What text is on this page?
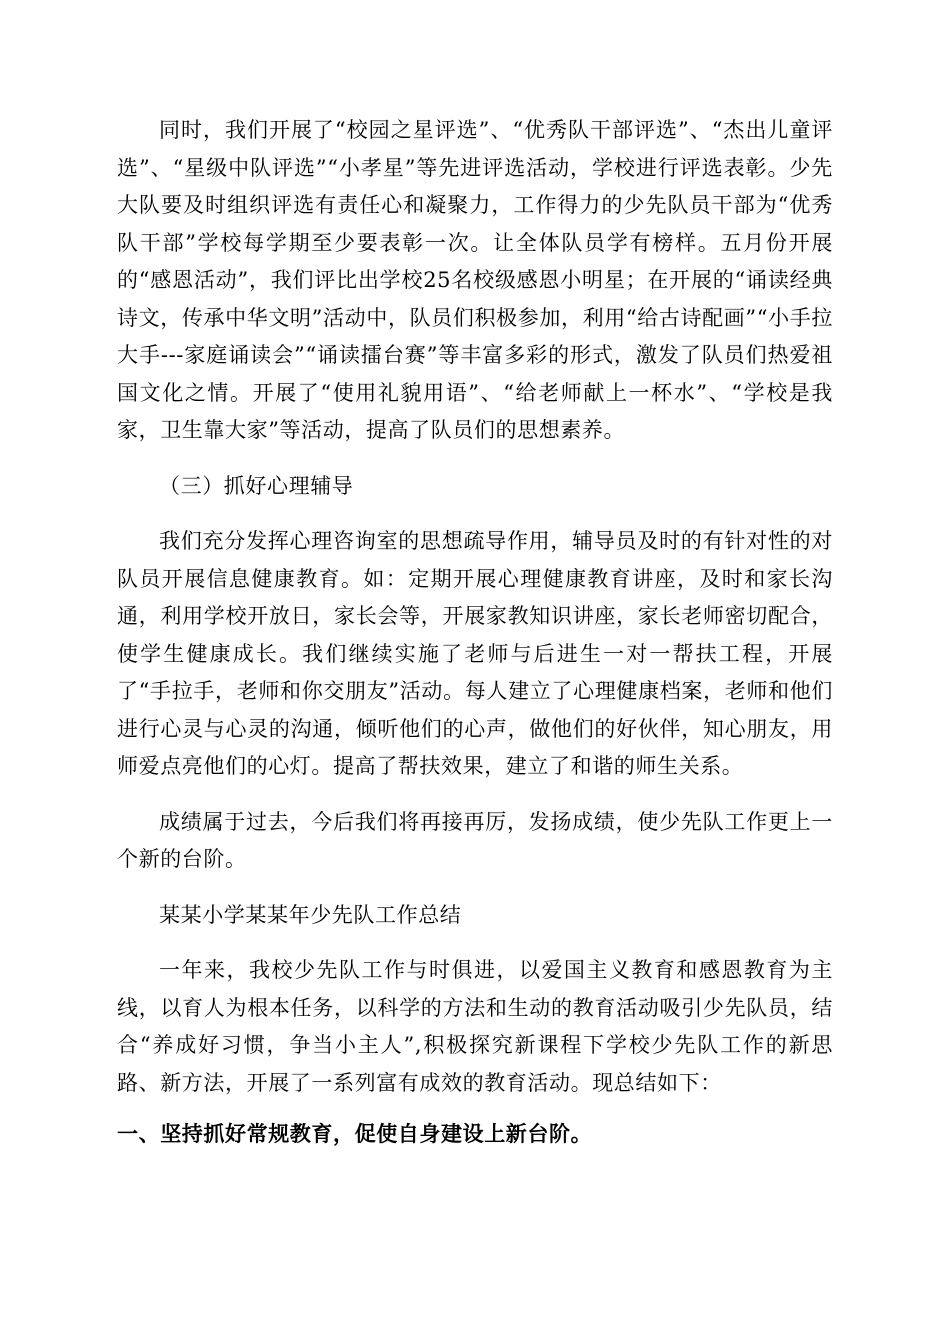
同时，我们开展了“校园之星评选”、“优秀队干部评选”、“杰出儿童评选”、“星级中队评选”“小孝星”等先进评选活动，学校进行评选表彰。少先大队要及时组织评选有责任心和凝聚力，工作得力的少先队员干部为“优秀队干部”学校每学期至少要表彰一次。让全体队员学有榜样。五月份开展的“感恩活动”，我们评比出学校25名校级感恩小明星；在开展的“诵读经典诗文，传承中华文明”活动中，队员们积极参加，利用“给古诗配画”“小手拉大手---家庭诵读会”“诵读擂台赛”等丰富多彩的形式，激发了队员们热爱祖国文化之情。开展了“使用礼貌用语”、“给老师献上一杯水”、“学校是我家，卫生靠大家”等活动，提高了队员们的思想素养。

（三）抓好心理辅导

我们充分发挥心理咨询室的思想疏导作用，辅导员及时的有针对性的对队员开展信息健康教育。如：定期开展心理健康教育讲座，及时和家长沟通，利用学校开放日，家长会等，开展家教知识讲座，家长老师密切配合，使学生健康成长。我们继续实施了老师与后进生一对一帮扶工程，开展了“手拉手，老师和你交朋友”活动。每人建立了心理健康档案，老师和他们进行心灵与心灵的沟通，倾听他们的心声，做他们的好伙伴，知心朋友，用师爱点亮他们的心灯。提高了帮扶效果，建立了和谐的师生关系。

成绩属于过去，今后我们将再接再厉，发扬成绩，使少先队工作更上一个新的台阶。

某某小学某某年少先队工作总结

一年来，我校少先队工作与时俱进，以爱国主义教育和感恩教育为主线，以育人为根本任务，以科学的方法和生动的教育活动吸引少先队员，结合“养成好习惯，争当小主人”,积极探究新课程下学校少先队工作的新思路、新方法，开展了一系列富有成效的教育活动。现总结如下：

一、坚持抓好常规教育，促使自身建设上新台阶。
